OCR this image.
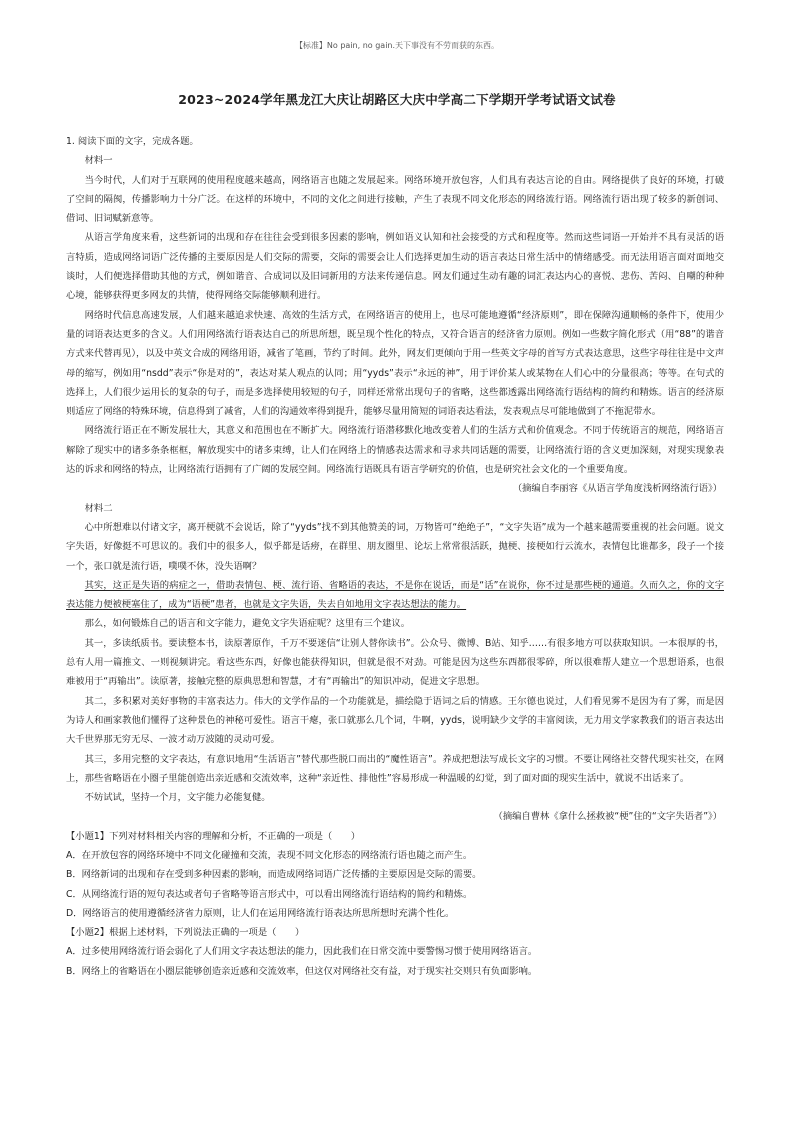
【标准】No pain, no gain.天下事没有不劳而获的东西。
2023~2024学年黑龙江大庆让胡路区大庆中学高二下学期开学考试语文试卷

1. 阅读下面的文字，完成各题。

材料一

当今时代，人们对于互联网的使用程度越来越高，网络语言也随之发展起来。网络环境开放包容，人们具有表达言论的自由。网络提供了良好的环境，打破了空间的隔阂，传播影响力十分广泛。在这样的环境中，不同的文化之间进行接触，产生了表现不同文化形态的网络流行语。网络流行语出现了较多的新创词、借词、旧词赋新意等。

从语言学角度来看，这些新词的出现和存在往往会受到很多因素的影响，例如语义认知和社会接受的方式和程度等。然而这些词语一开始并不具有灵活的语言特质，造成网络词语广泛传播的主要原因是人们交际的需要，交际的需要会让人们选择更加生动的语言表达日常生活中的情绪感受。而无法用语言面对面地交谈时，人们便选择借助其他的方式，例如谐音、合成词以及旧词新用的方法来传递信息。网友们通过生动有趣的词汇表达内心的喜悦、悲伤、苦闷、自嘲的种种心境，能够获得更多网友的共情，使得网络交际能够顺利进行。

网络时代信息高速发展，人们越来越追求快速、高效的生活方式，在网络语言的使用上，也尽可能地遵循“经济原则”，即在保障沟通顺畅的条件下，使用少量的词语表达更多的含义。人们用网络流行语表达自己的所思所想，既呈现个性化的特点，又符合语言的经济省力原则。例如一些数字简化形式（用“88”的谐音方式来代替再见），以及中英文合成的网络用语，减省了笔画，节约了时间。此外，网友们更倾向于用一些英文字母的首写方式表达意思，这些字母往往是中文声母的缩写，例如用“nsdd”表示“你是对的”，表达对某人观点的认同；用“yyds”表示“永远的神”，用于评价某人或某物在人们心中的分量很高；等等。在句式的选择上，人们很少运用长的复杂的句子，而是多选择使用较短的句子，同样还常常出现句子的省略，这些都透露出网络流行语结构的简约和精炼。语言的经济原则适应了网络的特殊环境，信息得到了减省，人们的沟通效率得到提升，能够尽量用简短的词语表达看法，发表观点尽可能地做到了不拖泥带水。

网络流行语正在不断发展壮大，其意义和范围也在不断扩大。网络流行语潜移默化地改变着人们的生活方式和价值观念。不同于传统语言的规范，网络语言解除了现实中的诸多条条框框，解放现实中的诸多束缚，让人们在网络上的情感表达需求和寻求共同话题的需要，让网络流行语的含义更加深刻，对现实现象表达的诉求和网络的特点，让网络流行语拥有了广阔的发展空间。网络流行语既具有语言学研究的价值，也是研究社会文化的一个重要角度。

（摘编自李丽容《从语言学角度浅析网络流行语》）

材料二

心中所想难以付诸文字，离开梗就不会说话，除了“yyds”找不到其他赞美的词，万物皆可“绝绝子”，“文字失语”成为一个越来越需要重视的社会问题。说文字失语，好像挺不可思议的。我们中的很多人，似乎都是话痨，在群里、朋友圈里、论坛上常常很活跃，抛梗、接梗如行云流水，表情包比谁都多，段子一个接一个，张口就是流行语，噗噗不休，没失语啊？

其实，这正是失语的病症之一，借助表情包、梗、流行语、省略语的表达，不是你在说话，而是“话”在说你，你不过是那些梗的通道。久而久之，你的文字表达能力便被梗塞住了，成为“语梗”患者，也就是文字失语，失去自如地用文字表达想法的能力。

那么，如何锻炼自己的语言和文字能力，避免文字失语症呢？这里有三个建议。

其一，多读纸质书。要读整本书，读原著原作，千万不要迷信“让别人替你读书”。公众号、微博、B站、知乎……有很多地方可以获取知识。一本很厚的书，总有人用一篇推文、一则视频讲完。看这些东西，好像也能获得知识，但就是很不对劲。可能是因为这些东西都很零碎，所以很难帮人建立一个思想语系，也很难被用于“再输出”。读原著，接触完整的原典思想和智慧，才有“再输出”的知识冲动，促进文字思想。

其二，多积累对美好事物的丰富表达力。伟大的文学作品的一个功能就是，描绘隐于语词之后的情感。王尔德也说过，人们看见雾不是因为有了雾，而是因为诗人和画家教他们懂得了这种景色的神秘可爱性。语言干瘪，张口就那么几个词，牛啊，yyds，说明缺少文学的丰富阅读，无力用文学家教我们的语言表达出大千世界那无穷无尽、一波才动万波随的灵动可爱。

其三，多用完整的文字表达，有意识地用“生活语言”替代那些脱口而出的“魔性语言”。养成把想法写成长文字的习惯。不要让网络社交替代现实社交，在网上，那些省略语在小圈子里能创造出亲近感和交流效率，这种“亲近性、排他性”容易形成一种温暖的幻觉，到了面对面的现实生活中，就说不出话来了。

不妨试试，坚持一个月，文字能力必能复健。

（摘编自曹林《拿什么拯救被“梗”住的“文字失语者”》）

【小题1】下列对材料相关内容的理解和分析，不正确的一项是（　　）

A．在开放包容的网络环境中不同文化碰撞和交流，表现不同文化形态的网络流行语也随之而产生。

B．网络新词的出现和存在受到多种因素的影响，而造成网络词语广泛传播的主要原因是交际的需要。

C．从网络流行语的短句表达或者句子省略等语言形式中，可以看出网络流行语结构的简约和精炼。

D．网络语言的使用遵循经济省力原则，让人们在运用网络流行语表达所思所想时充满个性化。

【小题2】根据上述材料，下列说法正确的一项是（　　）

A．过多使用网络流行语会弱化了人们用文字表达想法的能力，因此我们在日常交流中要警惕习惯于使用网络语言。

B．网络上的省略语在小圈层能够创造亲近感和交流效率，但这仅对网络社交有益，对于现实社交则只有负面影响。
